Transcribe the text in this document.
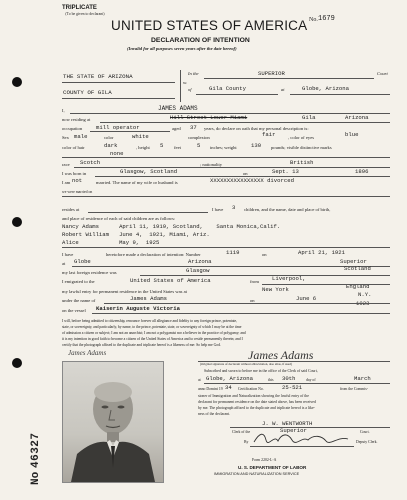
TRIPLICATE
(To be given to declarant)
No. 1679
UNITED STATES OF AMERICA
DECLARATION OF INTENTION
(Invalid for all purposes seven years after the date hereof)
THE STATE OF ARIZONA
COUNTY OF GILA
ss:
In the	SUPERIOR	Court
of	Gila County	at	Globe, Arizona
I,	JAMES ADAMS
now residing at	Hill Street Lower Miami	Gila	Arizona
occupation mill operator	aged 37 years, do declare on oath that my personal description is:
Sex male	color	white	complexion	fair	, color of eyes	blue
color of hair	dark	, height 5 feet	5 inches; weight	130 pounds; visible distinctive marks
none
race Scotch	; nationality	British
I was born in	Glasgow, Scotland	on	Sept. 13	1896
I am not	married. The name of my wife or husband is	XXXXXXXXXXXXXXXX divorced
we were married on
resides at	I have 3 children, and the name, date and place of birth,
and place of residence of each of said children are as follows:
Nancy Adams      April 11, 1919, Scotland,    Santa Monica,Calif.
Robert William   June 4,  1921, Miami, Ariz.
Alice            May 9,  1925
I have	heretofore made a declaration of intention: Number	1119	on	April 21, 1921
at Globe	Arizona	Superior
my last foreign residence was	Glasgow	Scotland
I emigrated to the	United States of America	from Liverpool,
England
my lawful entry for permanent residence in the United States was at	New York
N.Y.
under the name of	James Adams	on	June 6
1923
on the vessel Kaiserin Auguste Victoria
I will, before being admitted to citizenship, renounce forever all allegiance and fidelity to any foreign prince, potentate,
state, or sovereignty, and particularly, by name, to the prince, potentate, state, or sovereignty of which I may be at the time
of admission a citizen or subject; I am not an anarchist; I am not a polygamist nor a believer in the practice of polygamy; and
it is my intention in good faith to become a citizen of the United States of America and to reside permanently therein; and I
certify that the photograph affixed to the duplicate and triplicate hereof is a likeness of me: So help me God.
James Adams
No
46327
James Adams
(Original signature of declarant without abbreviation, also alias, if used)
Subscribed and sworn to before me in the office of the Clerk of said Court,
at Globe, Arizona	this 30th	day of	March
anno Domini 19 34 Certification No.	25-521	from the Commis-
sioner of Immigration and Naturalization showing the lawful entry of the
declarant for permanent residence on the date stated above, has been received
by me. The photograph affixed to the duplicate and triplicate hereof is a like-
ness of the declarant.
J. W. WENTWORTH
Clerk of the	Superior	Court.
By	Deputy Clerk.
Form 2202-L-A
U. S. DEPARTMENT OF LABOR
IMMIGRATION AND NATURALIZATION SERVICE
